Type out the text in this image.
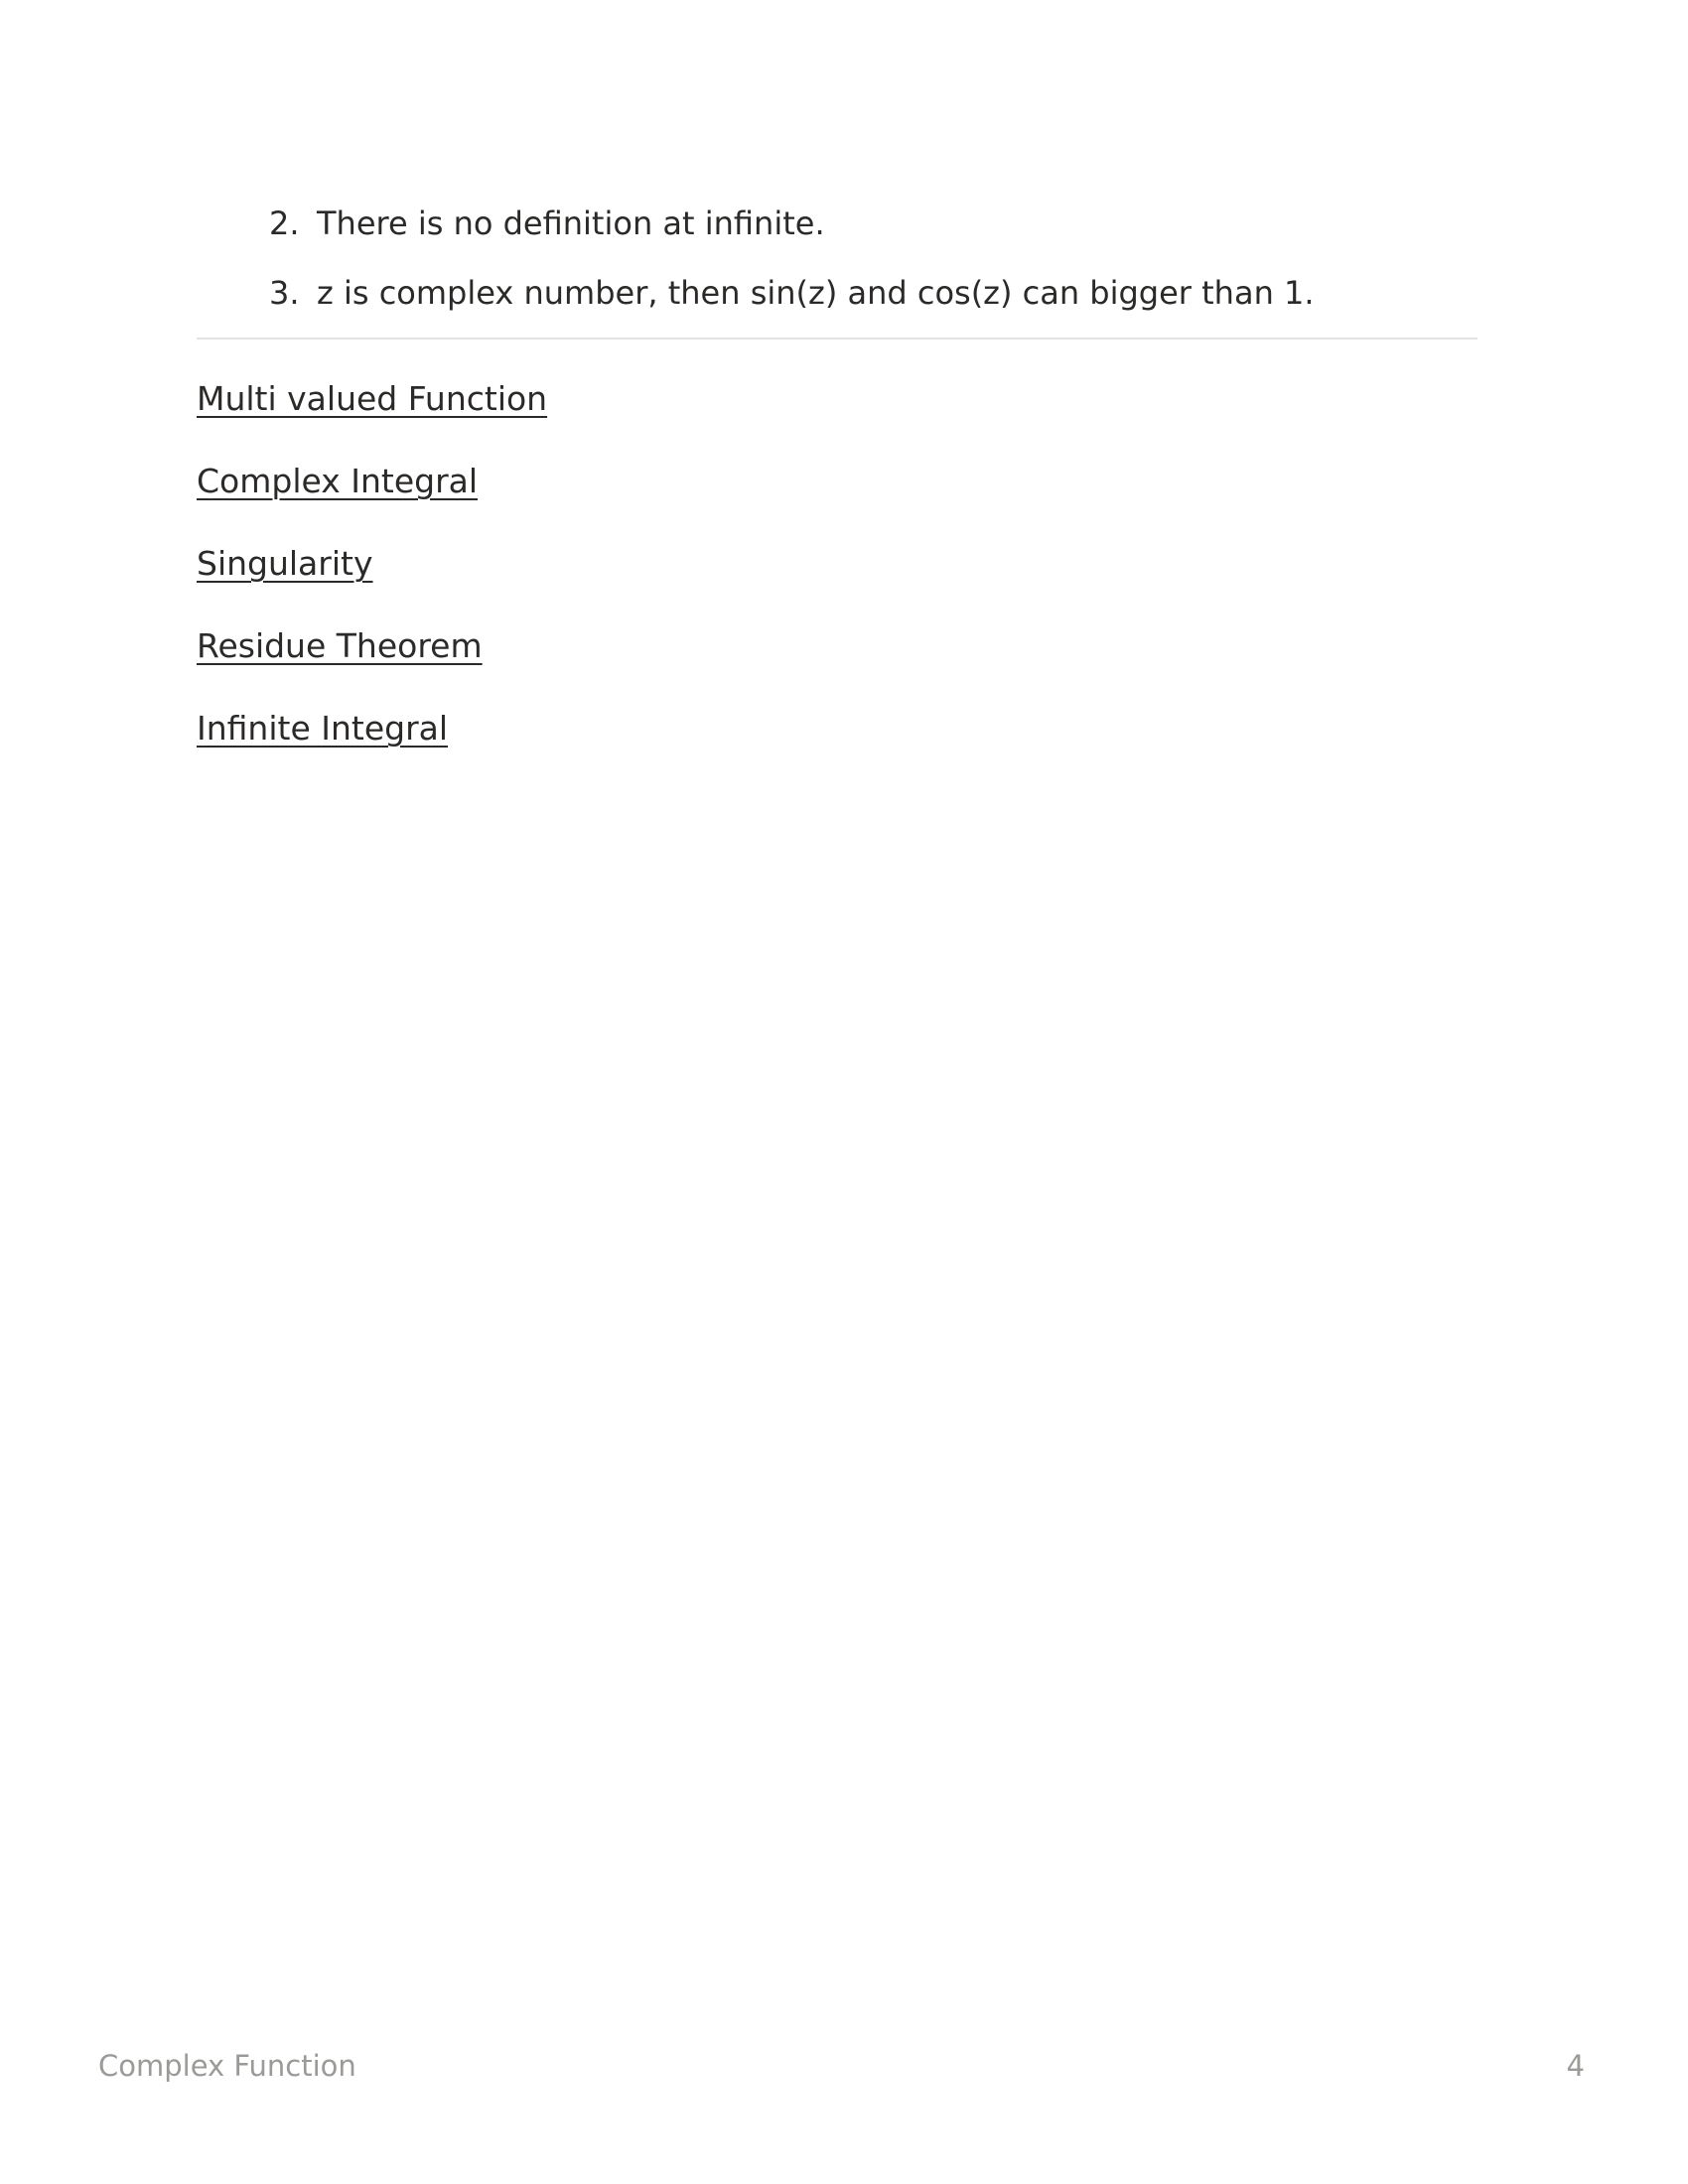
2. There is no definition at infinite.
3. z is complex number, then sin(z) and cos(z) can bigger than 1.
Multi valued Function
Complex Integral
Singularity
Residue Theorem
Infinite Integral
Complex Function	4
